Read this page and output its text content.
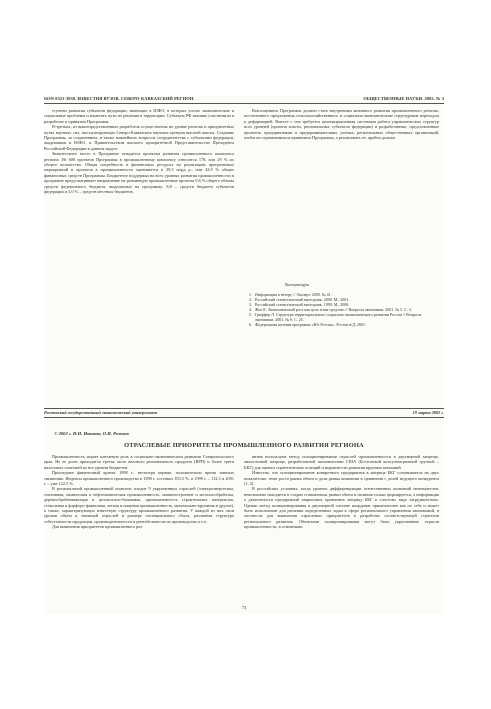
ISSN 0321-3030. ИЗВЕСТИЯ ВУЗОВ. СЕВЕРО-КАВКАЗСКИЙ РЕГИОН.	ОБЩЕСТВЕННЫЕ НАУКИ. 2002. № 3

ступени развития субъектов федерации, имеющих в ЮФО, в которых уголье экономические и социальные проблемы и наметить пути их решения в территории. Субъекты РФ активно участвовали в разработке и принятии Программы.

В-третьих, из вышепредставленных разработок осуществлены на уровне региона и приоритетных путях научных сил, эксплуатирующих Северо-Кавказских научных центров высшей школы. Создание Программы, за сохранением, и также важнейших вопросов сотрудничества с субъектами федерации, академиями и ЮФО, и Правительством высшего приоритетной Представительства Президента Российской Федерации в данном округе.

Значительное место в Программе отводится проектам развития промышленного комплекса региона. Из 608 проектов Программы в промышленному комплексу относится 178, или 29 % их общего количества. Общая потребность в финансовых ресурсах на реализацию программных мероприятий и проектов в промышленности оценивается в 39,5 млрд р., или 42,9 % общих финансовых средств Программы. Бюджетное поддержка на всех уровнях развития промышленности в программе предусматривает направление на решающую промышленные проекты 9,6 % общего объема средств федерального бюджета, выделяемых на программу; 8,8 – средств бюджета субъектов федерации и 5,0 % – средств местных бюджетов.

Воплощением Программы должен стать внутренним активного развития промышленного региона, постепенного предложения сельскохозяйственного и социально-экономическим структурным переходом к деформацией. Вместе с тем требуется целенаправленная системная работа управленческих структур всех уровней (органов власти, региональных субъектов федерации) и разработанные, представленные проектов, предприятиями и предпринимателями, ученых, региональных общественных организаций, чтобы не ограничиваться принятием Программы, а реализовать ее, пройти дальше.

Литература
1. Информация к ветеру // Эксперт. 2000. № 41.
2. Российский статистический ежегодник. 2000. М., 2001.
3. Российский статистический ежегодник. 1999. М., 2000.
4. Жох Е. Экономический рост как цель и как средство // Вопросы экономики. 2001. № 5. С. 3.
5. Гриффер Л. Структура территориального социально-экономического развития России // Вопросы экономики. 2001. № 9. С. 25.
6. Федеральная целевая программа «Юг России». Ростов н/Д, 2001.
Ростовский государственный экономический университет	19 марта 2002 г.
© 2002 г. Н.И. Иванова, О.И. Рожков
ОТРАСЛЕВЫЕ ПРИОРИТЕТЫ ПРОМЫШЛЕННОГО РАЗВИТИЯ РЕГИОНА

Промышленность играет ключевую роль в социально-экономическом развитии Ставропольского края. На ее долю приходится третья часть валового регионального продукта (ВРП) и более трети налоговых платежей во все уровни бюджетов.

Прошедшее финансовый кризис 1998 г., несмотря первые, положительно время занятых снижению. Индексы промышленного производства в 1998 г. составил 103,5 %, в 1999 г. – 112,3 и 2001 г. – уже 122,5 %.

В региональной промышленный комплекс входит 9 укрупненных отраслей (электроэнергетика, топливная, химическая и нефтехимическая промышленность, машиностроение и металлообработка, деревообрабатывающая и целлюлозно-бумажная, промышленность строительных материалов, стекольная и фарфоро-фаянсовая, легкая и пищевая промышленность, мукомольно-крупяная и другие), а также, характеризующих известную структуру промышленного развития. У каждой из них свои уровни объем и значимой отраслей и размере потенциального сбыта, различная структура себестоимости продукции, производительности и рентабельности их производства и т.п.

Для выявления приоритетов промышленного раз-

вития используем метод позиционирования отраслей промышленности в двухмерной матрице, аналогичной матрице, разработанной экономистами США (Бостонской консультационной группой – БКГ) для оценки стратегических позиций и вероятности развития крупных компаний.

Известно, что позиционирование конкретного предприятия в матрице БКГ основывается на двух показателях: темп роста рынка объем и доля рынка компании в сравнении с долей ведущего конкурента [1, 2].

В российских условиях, когда уровень дифференциации отечественных компаний незначителен, невозможно находится в стадии становления, рынки объем и наличия только формируется, а информация о деятельности предприятий закрытыми, применить матрицу БКГ в «чистом» виде затруднительно. Однако метод позиционирования в двухмерной системе координат примечателен как по себе и может быть использован для решения определенных задач в сфере регионального управления экономикой, в частности для выявления отраслевых приоритетов в разработке соответствующей стратегии регионального развития. Объектами позиционирования могут быть укрупненные отрасли промышленности, в основными

73
